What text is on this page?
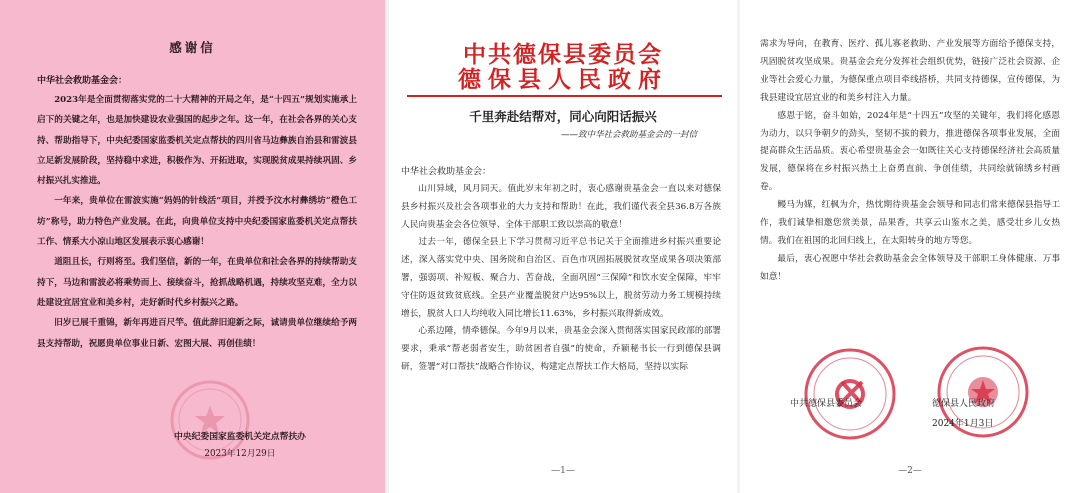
感谢信
中华社会救助基金会：

2023年是全面贯彻落实党的二十大精神的开局之年，是“十四五”规划实施承上启下的关键之年，也是加快建设农业强国的起步之年。这一年，在社会各界的关心支持、帮助指导下，中央纪委国家监委机关定点帮扶的四川省马边彝族自治县和雷波县立足新发展阶段，坚持稳中求进，积极作为、开拓进取，实现脱贫成果持续巩固、乡村振兴扎实推进。

一年来，贵单位在雷波实施“妈妈的针线活”项目，并授予汶水村彝绣坊“橙色工坊”称号，助力特色产业发展。在此，向贵单位支持中央纪委国家监委机关定点帮扶工作、情系大小凉山地区发展表示衷心感谢！

道阻且长，行则将至。我们坚信，新的一年，在贵单位和社会各界的持续帮助支持下，马边和雷波必将乘势而上、接续奋斗，抢抓战略机遇，持续攻坚克难，全力以赴建设宜居宜业和美乡村，走好新时代乡村振兴之路。

旧岁已展千重锦，新年再进百尺竿。值此辞旧迎新之际，诚请贵单位继续给予两县支持帮助，祝愿贵单位事业日新、宏图大展、再创佳绩！

中央纪委国家监委机关定点帮扶办
2023年12月29日
中共德保县委员会
德保县人民政府
千里奔赴结帮对，同心向阳话振兴
——致中华社会救助基金会的一封信
中华社会救助基金会：

山川异域，风月同天。值此岁末年初之时，衷心感谢贵基金会一直以来对德保县乡村振兴及社会各项事业的大力支持和帮助！在此，我们谨代表全县36.8万各族人民向贵基金会各位领导、全体干部职工致以崇高的敬意！

过去一年，德保全县上下学习贯彻习近平总书记关于全面推进乡村振兴重要论述，深入落实党中央、国务院和自治区、百色市巩固拓展脱贫攻坚成果各项决策部署，强弱项、补短板、聚合力、苦奋战，全面巩固“三保障”和饮水安全保障，牢牢守住防返贫致贫底线。全县产业覆盖脱贫户达95%以上，脱贫劳动力务工规模持续增长，脱贫人口人均纯收入同比增长11.63%，乡村振兴取得新成效。

心系边陲，情牵德保。今年9月以来，贵基金会深入贯彻落实国家民政部的部署要求，秉承“帮老弱者安生，助贫困者自强”的使命，乔颖秘书长一行到德保县调研，签署“对口帮扶”战略合作协议，构建定点帮扶工作大格局，坚持以实际

—1—

需求为导向，在教育、医疗、孤儿寡老救助、产业发展等方面给予德保支持，巩固脱贫攻坚成果。贵基金会充分发挥社会组织优势，链接广泛社会资源、企业等社会爱心力量，为德保重点项目牵线搭桥，共同支持德保，宣传德保，为我县建设宜居宜业的和美乡村注入力量。

感恩于铭，奋斗如始，2024年是“十四五”攻坚的关键年，我们将化感恩为动力，以只争朝夕的劲头，坚韧不拔的毅力，推进德保各项事业发展，全面提高群众生活品质。衷心希望贵基金会一如既往关心支持德保经济社会高质量发展，德保将在乡村振兴热土上奋勇直前、争创佳绩，共同绘就锦绣乡村画卷。

鳗马为媒，红枫为介，热忱期待贵基金会领导和同志们常来德保县指导工作，我们诚挚相邀您赏美景，品果香，共享云山鉴水之美，感受壮乡儿女热情。我们在祖国的北回归线上，在太阳转身的地方等您。

最后，衷心祝愿中华社会救助基金会全体领导及干部职工身体健康、万事如意！

中共德保县委员会	德保县人民政府
2024年1月3日
—2—
